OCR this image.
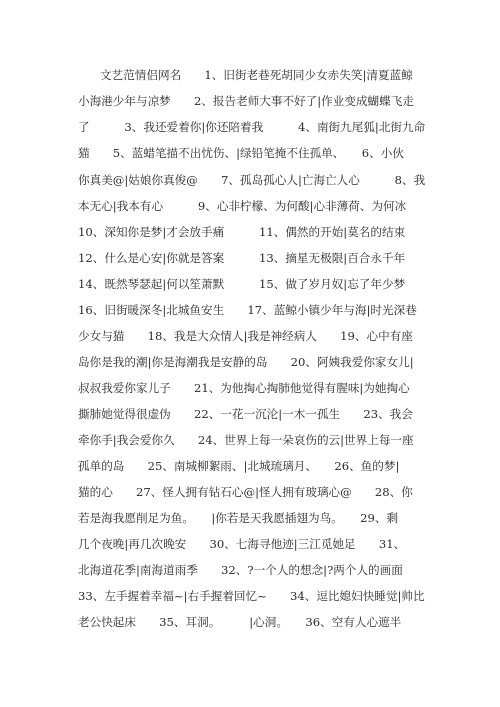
文艺范情侣网名　　1、旧街老巷死胡同少女赤失笑|清夏蓝鲸
小海港少年与凉梦　　2、报告老师大事不好了|作业变成蝴蝶飞走
了　　　3、我还爱着你|你还陪着我　　　4、南街九尾狐|北街九命
猫　　5、蓝蜡笔描不出忧伤、|绿铅笔掩不住孤单、　　6、小伙
你真美@|姑娘你真俊@　　7、孤岛孤心人|亡海亡人心　　　8、我
本无心|我本有心　　　9、心非柠檬、为何酸|心非薄荷、为何冰
10、深知你是梦|才会放手痛　　　11、偶然的开始|莫名的结束
12、什么是心安|你就是答案　　　13、摘星无极限|百合永千年
14、既然琴瑟起|何以笙萧默　　　15、做了岁月奴|忘了年少梦
16、旧街暖深冬|北城鱼安生　　17、蓝鲸小镇少年与海|时光深巷
少女与猫　　18、我是大众情人|我是神经病人　　19、心中有座
岛你是我的潮|你是海潮我是安静的岛　　20、阿姨我爱你家女儿|
叔叔我爱你家儿子　　21、为他掏心掏肺他觉得有腥味|为她掏心
撕肺她觉得很虚伪　　22、一花一沉沦|一木一孤生　　23、我会
牵你手|我会爱你久　　24、世界上每一朵哀伤的云|世界上每一座
孤单的岛　　25、南城柳絮雨、|北城琉璃月、　　26、鱼的梦|
猫的心　　27、怪人拥有钻石心@|怪人拥有玻璃心@　　28、你
若是海我愿削足为鱼。　　|你若是天我愿插翅为鸟。　　29、剩
几个夜晚|再几次晚安　　30、七海寻他迹|三江觅她足　　31、
北海道花季|南海道雨季　　32、?一个人的想念|?两个人的画面
33、左手握着幸福~|右手握着回忆~　　34、逗比媳妇快睡觉|帅比
老公快起床　　35、耳洞。　　　|心洞。　　36、空有人心遮半
